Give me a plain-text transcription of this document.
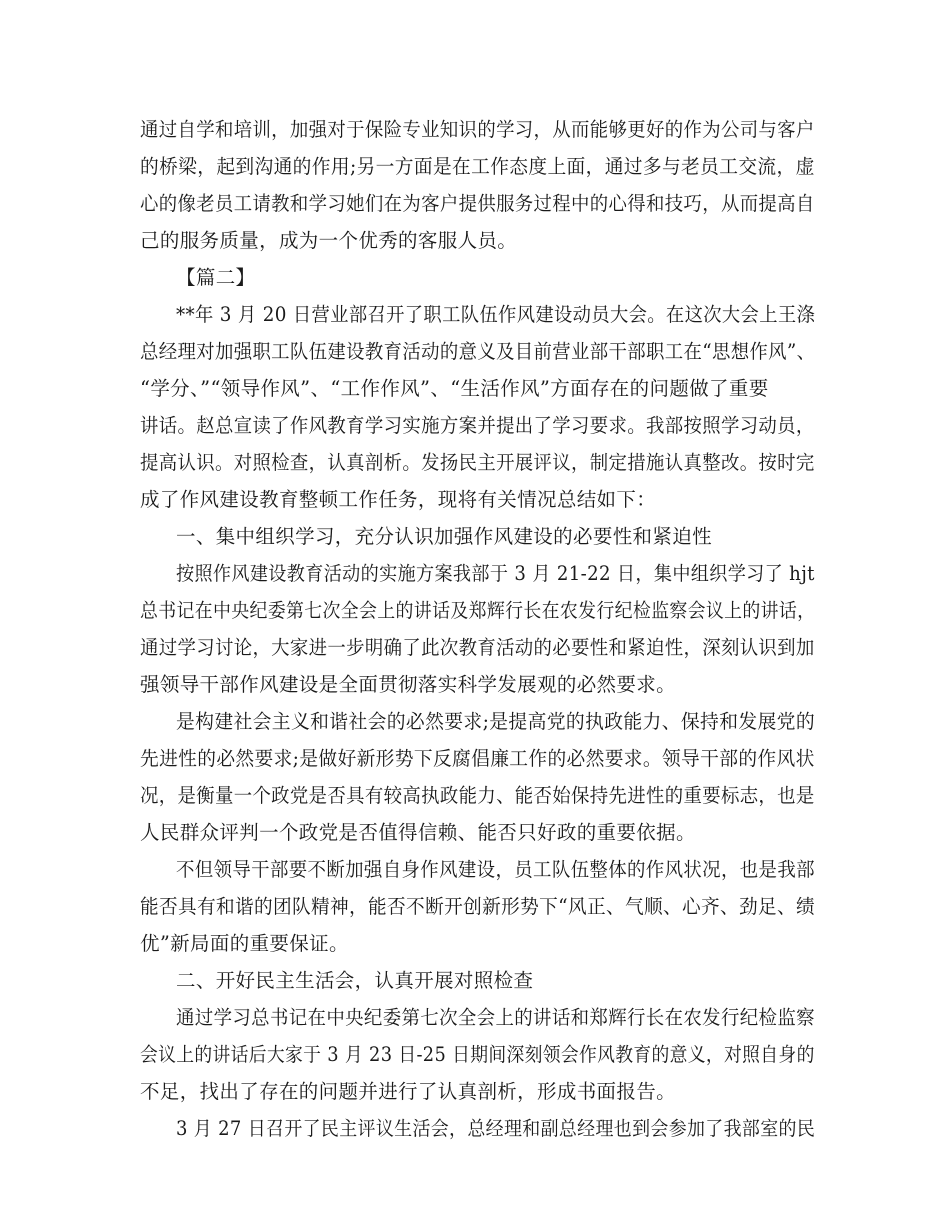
通过自学和培训，加强对于保险专业知识的学习，从而能够更好的作为公司与客户
的桥梁，起到沟通的作用;另一方面是在工作态度上面，通过多与老员工交流，虚
心的像老员工请教和学习她们在为客户提供服务过程中的心得和技巧，从而提高自
己的服务质量，成为一个优秀的客服人员。
【篇二】
**年 3 月 20 日营业部召开了职工队伍作风建设动员大会。在这次大会上王涤
总经理对加强职工队伍建设教育活动的意义及目前营业部干部职工在“思想作风”、
“学分、”“领导作风”、“工作作风”、“生活作风”方面存在的问题做了重要
讲话。赵总宣读了作风教育学习实施方案并提出了学习要求。我部按照学习动员，
提高认识。对照检查，认真剖析。发扬民主开展评议，制定措施认真整改。按时完
成了作风建设教育整顿工作任务，现将有关情况总结如下：
一、集中组织学习，充分认识加强作风建设的必要性和紧迫性
按照作风建设教育活动的实施方案我部于 3 月 21-22 日，集中组织学习了 hjt
总书记在中央纪委第七次全会上的讲话及郑辉行长在农发行纪检监察会议上的讲话，
通过学习讨论，大家进一步明确了此次教育活动的必要性和紧迫性，深刻认识到加
强领导干部作风建设是全面贯彻落实科学发展观的必然要求。
是构建社会主义和谐社会的必然要求;是提高党的执政能力、保持和发展党的
先进性的必然要求;是做好新形势下反腐倡廉工作的必然要求。领导干部的作风状
况，是衡量一个政党是否具有较高执政能力、能否始保持先进性的重要标志，也是
人民群众评判一个政党是否值得信赖、能否只好政的重要依据。
不但领导干部要不断加强自身作风建设，员工队伍整体的作风状况，也是我部
能否具有和谐的团队精神，能否不断开创新形势下“风正、气顺、心齐、劲足、绩
优”新局面的重要保证。
二、开好民主生活会，认真开展对照检查
通过学习总书记在中央纪委第七次全会上的讲话和郑辉行长在农发行纪检监察
会议上的讲话后大家于 3 月 23 日-25 日期间深刻领会作风教育的意义，对照自身的
不足，找出了存在的问题并进行了认真剖析，形成书面报告。
3 月 27 日召开了民主评议生活会，总经理和副总经理也到会参加了我部室的民
